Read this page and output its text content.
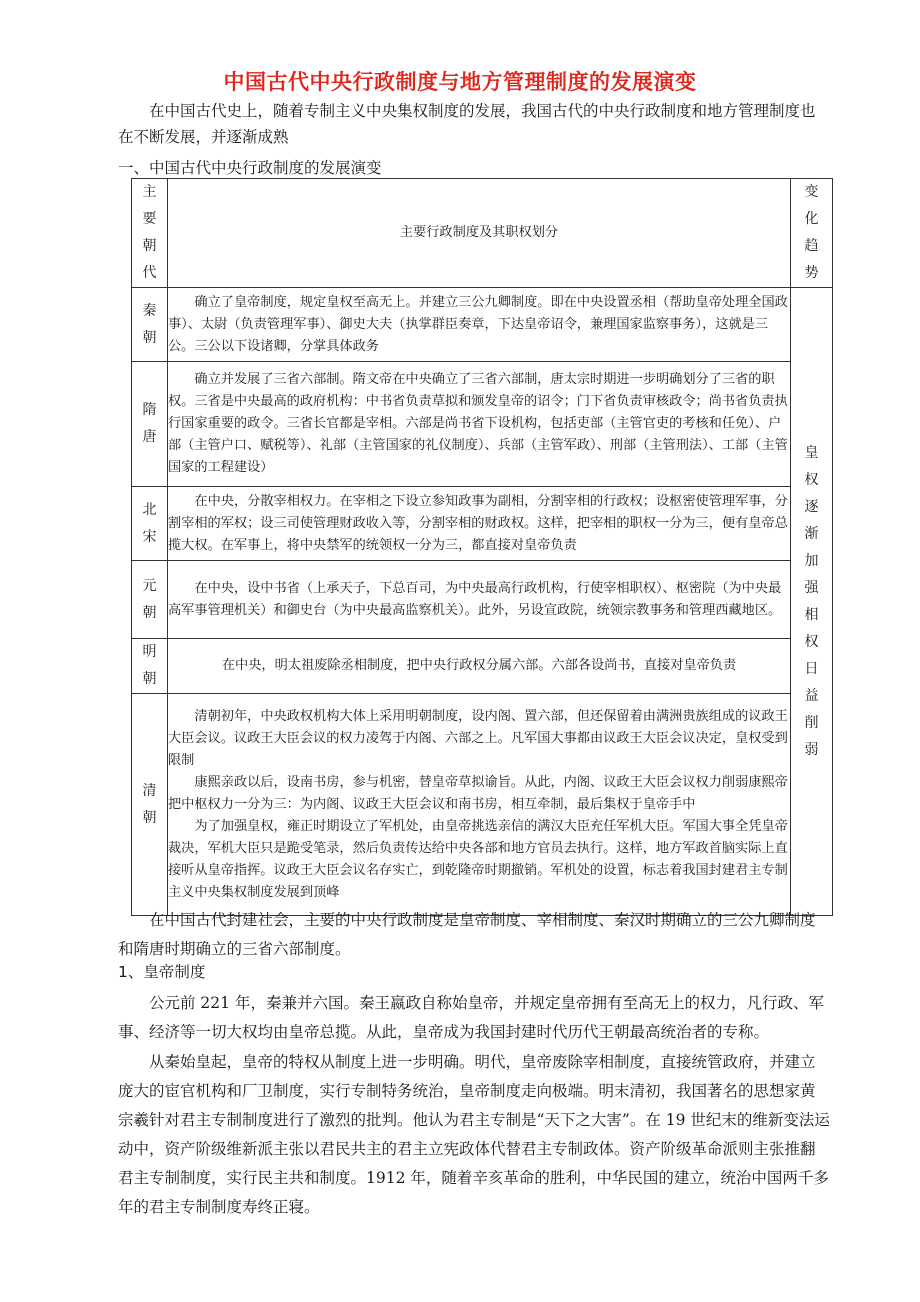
中国古代中央行政制度与地方管理制度的发展演变

在中国古代史上，随着专制主义中央集权制度的发展，我国古代的中央行政制度和地方管理制度也在不断发展，并逐渐成熟

一、中国古代中央行政制度的发展演变

主要朝代	主要行政制度及其职权划分	变化趋势

秦朝	确立了皇帝制度，规定皇权至高无上。并建立三公九卿制度。即在中央设置丞相（帮助皇帝处理全国政事）、太尉（负责管理军事）、御史大夫（执掌群臣奏章，下达皇帝诏令，兼理国家监察事务），这就是三公。三公以下设诸卿，分掌具体政务	皇权逐渐加强相权日益削弱

隋唐	确立并发展了三省六部制。隋文帝在中央确立了三省六部制，唐太宗时期进一步明确划分了三省的职权。三省是中央最高的政府机构：中书省负责草拟和颁发皇帝的诏令；门下省负责审核政令；尚书省负责执行国家重要的政令。三省长官都是宰相。六部是尚书省下设机构，包括吏部（主管官吏的考核和任免）、户部（主管户口、赋税等）、礼部（主管国家的礼仪制度）、兵部（主管军政）、刑部（主管刑法）、工部（主管国家的工程建设）	

北宋	在中央，分散宰相权力。在宰相之下设立参知政事为副相，分割宰相的行政权；设枢密使管理军事，分割宰相的军权；设三司使管理财政收入等，分割宰相的财政权。这样，把宰相的职权一分为三，便有皇帝总揽大权。在军事上，将中央禁军的统领权一分为三，都直接对皇帝负责	

元朝	在中央，设中书省（上承天子，下总百司，为中央最高行政机构，行使宰相职权）、枢密院（为中央最高军事管理机关）和御史台（为中央最高监察机关）。此外，另设宣政院，统领宗教事务和管理西藏地区。	

明朝	在中央，明太祖废除丞相制度，把中央行政权分属六部。六部各设尚书，直接对皇帝负责	

清朝	清朝初年，中央政权机构大体上采用明朝制度，设内阁、置六部，但还保留着由满洲贵族组成的议政王大臣会议。议政王大臣会议的权力凌驾于内阁、六部之上。凡军国大事都由议政王大臣会议决定，皇权受到限制

康熙亲政以后，设南书房，参与机密，替皇帝草拟谕旨。从此，内阁、议政王大臣会议权力削弱康熙帝把中枢权力一分为三：为内阁、议政王大臣会议和南书房，相互牵制，最后集权于皇帝手中

为了加强皇权，雍正时期设立了军机处，由皇帝挑选亲信的满汉大臣充任军机大臣。军国大事全凭皇帝裁决，军机大臣只是跪受笔录，然后负责传达给中央各部和地方官员去执行。这样，地方军政首脑实际上直接听从皇帝指挥。议政王大臣会议名存实亡，到乾隆帝时期撤销。军机处的设置，标志着我国封建君主专制主义中央集权制度发展到顶峰	

在中国古代封建社会，主要的中央行政制度是皇帝制度、宰相制度、秦汉时期确立的三公九卿制度和隋唐时期确立的三省六部制度。

1、皇帝制度

公元前 221 年，秦兼并六国。秦王嬴政自称始皇帝，并规定皇帝拥有至高无上的权力，凡行政、军事、经济等一切大权均由皇帝总揽。从此，皇帝成为我国封建时代历代王朝最高统治者的专称。

从秦始皇起，皇帝的特权从制度上进一步明确。明代，皇帝废除宰相制度，直接统管政府，并建立庞大的宦官机构和厂卫制度，实行专制特务统治，皇帝制度走向极端。明末清初，我国著名的思想家黄宗羲针对君主专制制度进行了激烈的批判。他认为君主专制是“天下之大害”。在 19 世纪末的维新变法运动中，资产阶级维新派主张以君民共主的君主立宪政体代替君主专制政体。资产阶级革命派则主张推翻君主专制制度，实行民主共和制度。1912 年，随着辛亥革命的胜利，中华民国的建立，统治中国两千多年的君主专制制度寿终正寝。
